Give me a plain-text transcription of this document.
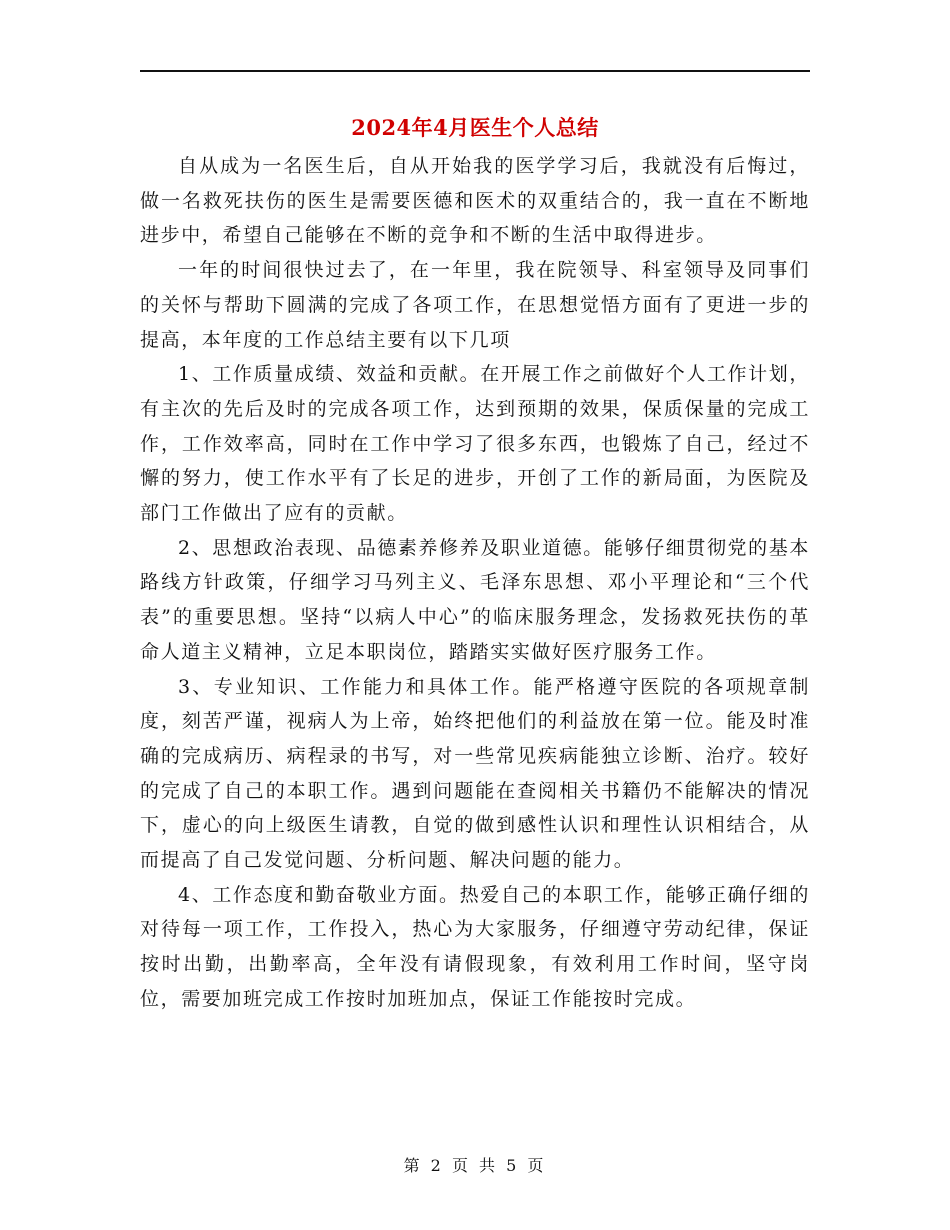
2024年4月医生个人总结

自从成为一名医生后，自从开始我的医学学习后，我就没有后悔过，做一名救死扶伤的医生是需要医德和医术的双重结合的，我一直在不断地进步中，希望自己能够在不断的竞争和不断的生活中取得进步。

一年的时间很快过去了，在一年里，我在院领导、科室领导及同事们的关怀与帮助下圆满的完成了各项工作，在思想觉悟方面有了更进一步的提高，本年度的工作总结主要有以下几项

1、工作质量成绩、效益和贡献。在开展工作之前做好个人工作计划，有主次的先后及时的完成各项工作，达到预期的效果，保质保量的完成工作，工作效率高，同时在工作中学习了很多东西，也锻炼了自己，经过不懈的努力，使工作水平有了长足的进步，开创了工作的新局面，为医院及部门工作做出了应有的贡献。

2、思想政治表现、品德素养修养及职业道德。能够仔细贯彻党的基本路线方针政策，仔细学习马列主义、毛泽东思想、邓小平理论和“三个代表”的重要思想。坚持“以病人中心”的临床服务理念，发扬救死扶伤的革命人道主义精神，立足本职岗位，踏踏实实做好医疗服务工作。

3、专业知识、工作能力和具体工作。能严格遵守医院的各项规章制度，刻苦严谨，视病人为上帝，始终把他们的利益放在第一位。能及时准确的完成病历、病程录的书写，对一些常见疾病能独立诊断、治疗。较好的完成了自己的本职工作。遇到问题能在查阅相关书籍仍不能解决的情况下，虚心的向上级医生请教，自觉的做到感性认识和理性认识相结合，从而提高了自己发觉问题、分析问题、解决问题的能力。

4、工作态度和勤奋敬业方面。热爱自己的本职工作，能够正确仔细的对待每一项工作，工作投入，热心为大家服务，仔细遵守劳动纪律，保证按时出勤，出勤率高，全年没有请假现象，有效利用工作时间，坚守岗位，需要加班完成工作按时加班加点，保证工作能按时完成。

第 2 页 共 5 页
